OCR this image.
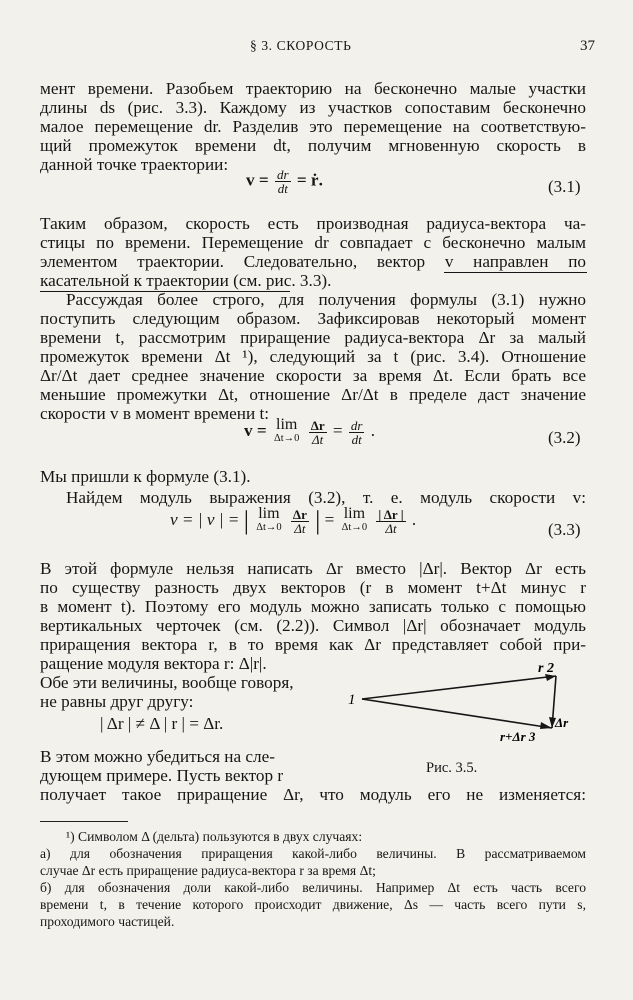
§ 3. СКОРОСТЬ	37
мент времени. Разобьем траекторию на бесконечно малые участки
длины ds (рис. 3.3). Каждому из участков сопоставим бесконечно
малое перемещение dr. Разделив это перемещение на соответствую-
щий промежуток времени dt, получим мгновенную скорость в
данной точке траектории:
$v = \frac{dr}{dt}$ = ṙ.	(3.1)
Таким образом, скорость есть производная радиуса-вектора ча-
стицы по времени. Перемещение dr совпадает с бесконечно малым
элементом траектории. Следовательно, вектор v направлен по
касательной к траектории (см. рис. 3.3).
Рассуждая более строго, для получения формулы (3.1) нужно
поступить следующим образом. Зафиксировав некоторый момент
времени t, рассмотрим приращение радиуса-вектора Δr за малый
промежуток времени Δt ¹), следующий за t (рис. 3.4). Отношение
Δr/Δt дает среднее значение скорости за время Δt. Если брать все
меньшие промежутки Δt, отношение Δr/Δt в пределе даст значение
скорости v в момент времени t:
v = lim
Δt→0
$\frac{\Delta r}{\Delta t} = \frac{dr}{dt}$ .	(3.2)
Мы пришли к формуле (3.1).
Найдем модуль выражения (3.2), т. е. модуль скорости v:
v = | v | = | lim
Δt→0
$\frac{\Delta r}{\Delta t}$ | = lim
Δt→0
$\frac{| \Delta r |}{\Delta t}$ .
(3.3)
В этой формуле нельзя написать Δr вместо |Δr|. Вектор Δr есть
по существу разность двух векторов (r в момент t+Δt минус r
в момент t). Поэтому его модуль можно записать только с помощью
вертикальных черточек (см. (2.2)). Символ |Δr| обозначает модуль
приращения вектора r, в то время как Δr представляет собой при-
ращение модуля вектора r: Δ|r|.
Обе эти величины, вообще говоря,
не равны друг другу:
| Δr | ≠ Δ | r | = Δr.
В этом можно убедиться на сле-
дующем примере. Пусть вектор r
получает такое приращение Δr, что модуль его не изменяется:
1
r 2
r+Δr 3
Δr
Рис. 3.5.
¹) Символом Δ (дельта) пользуются в двух случаях:
а) для обозначения приращения какой-либо величины. В рассматриваемом
случае Δr есть приращение радиуса-вектора r за время Δt;
б) для обозначения доли какой-либо величины. Например Δt есть часть всего
времени t, в течение которого происходит движение, Δs — часть всего пути s,
проходимого частицей.
